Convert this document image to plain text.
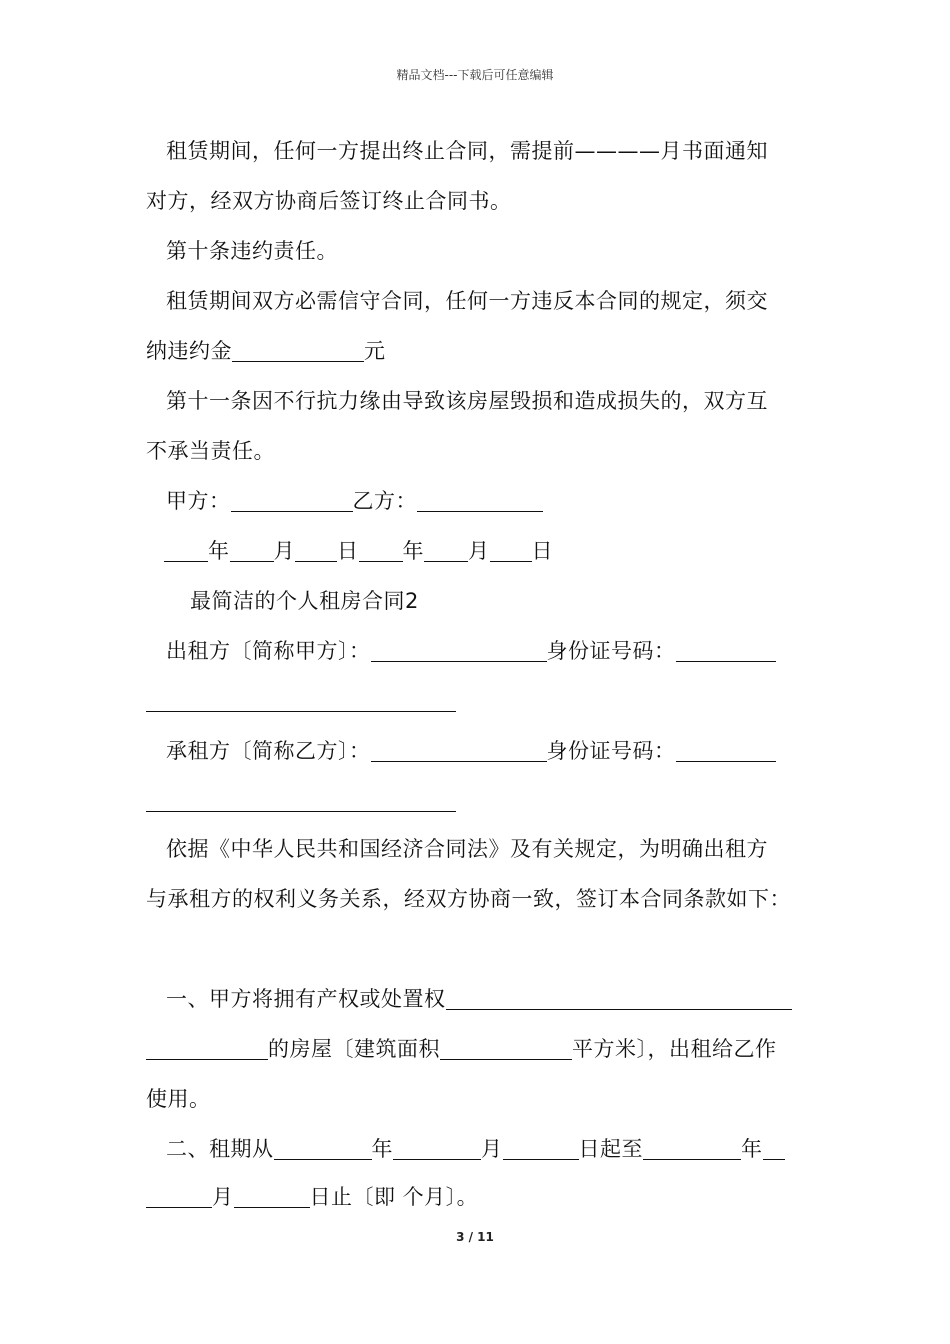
精品文档---下载后可任意编辑
租赁期间，任何一方提出终止合同，需提前————月书面通知
对方，经双方协商后签订终止合同书。
第十条违约责任。
租赁期间双方必需信守合同，任何一方违反本合同的规定，须交
纳违约金	元
第十一条因不行抗力缘由导致该房屋毁损和造成损失的，双方互
不承当责任。
甲方：	乙方：
年 月 日 年 月 日
最简洁的个人租房合同2
出租方〔简称甲方〕：	身份证号码：
承租方〔简称乙方〕：	身份证号码：
依据《中华人民共和国经济合同法》及有关规定，为明确出租方
与承租方的权利义务关系，经双方协商一致，签订本合同条款如下：
一、甲方将拥有产权或处置权
的房屋〔建筑面积	平方米〕，出租给乙作
使用。
二、租期从	年	月	日起至	年
月	日止〔即 个月〕。
3 / 11
